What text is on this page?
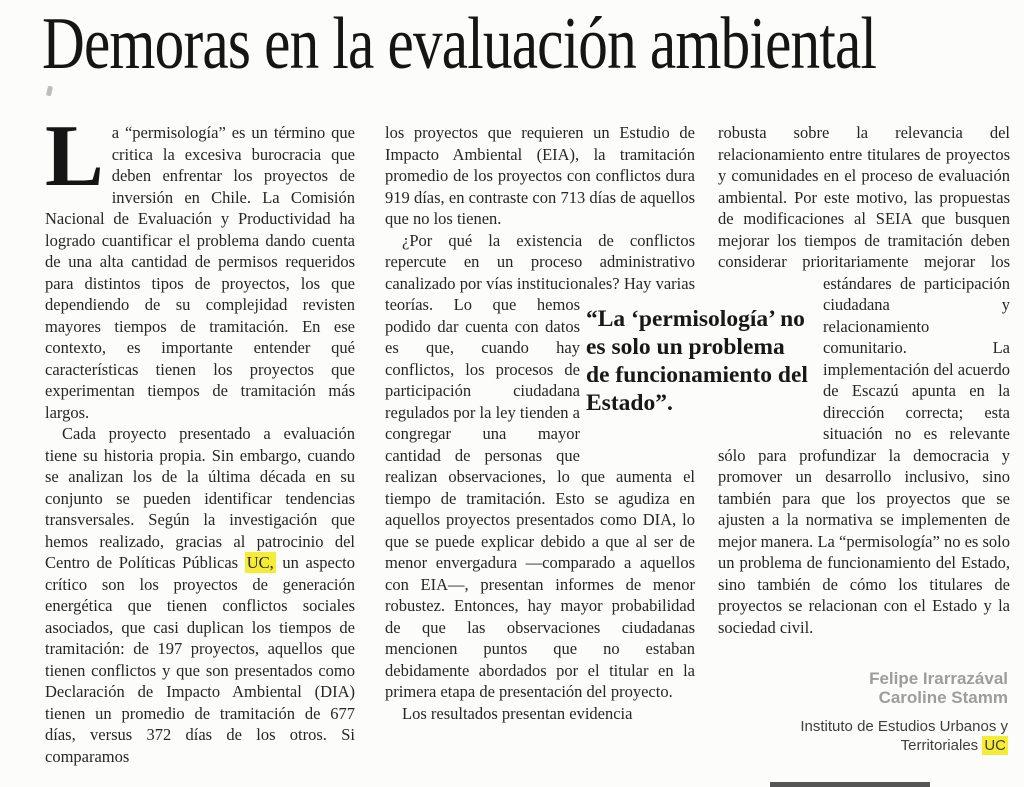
Demoras en la evaluación ambiental

La “permisología” es un término que critica la excesiva burocracia que deben enfrentar los proyectos de inversión en Chile. La Comisión Nacional de Evaluación y Productividad ha logrado cuantificar el problema dando cuenta de una alta cantidad de permisos requeridos para distintos tipos de proyectos, los que dependiendo de su complejidad revisten mayores tiempos de tramitación. En ese contexto, es importante entender qué características tienen los proyectos que experimentan tiempos de tramitación más largos.

Cada proyecto presentado a evaluación tiene su historia propia. Sin embargo, cuando se analizan los de la última década en su conjunto se pueden identificar tendencias transversales. Según la investigación que hemos realizado, gracias al patrocinio del Centro de Políticas Públicas UC, un aspecto crítico son los proyectos de generación energética que tienen conflictos sociales asociados, que casi duplican los tiempos de tramitación: de 197 proyectos, aquellos que tienen conflictos y que son presentados como Declaración de Impacto Ambiental (DIA) tienen un promedio de tramitación de 677 días, versus 372 días de los otros. Si comparamos

los proyectos que requieren un Estudio de Impacto Ambiental (EIA), la tramitación promedio de los proyectos con conflictos dura 919 días, en contraste con 713 días de aquellos que no los tienen.

¿Por qué la existencia de conflictos repercute en un proceso administrativo canalizado por vías institucionales? Hay
varias teorías. Lo que hemos podido dar cuenta con datos es que, cuando hay conflictos, los procesos de participación ciudadana regulados por la ley tienden a congregar una mayor cantidad de personas que realizan observaciones, lo que aumenta el tiempo de tramitación. Esto se agudiza en aquellos proyectos presentados como DIA, lo que se puede explicar debido a que al ser de menor envergadura —comparado a aquellos con EIA—, presentan informes de menor robustez. Entonces, hay mayor probabilidad de que las observaciones ciudadanas mencionen puntos que no estaban debidamente abordados por el titular en la primera etapa de presentación del proyecto.

Los resultados presentan evidencia

robusta sobre la relevancia del relacionamiento entre titulares de proyectos y comunidades en el proceso de evaluación ambiental. Por este motivo, las propuestas de modificaciones al SEIA que busquen mejorar los tiempos de tramitación deben considerar prioritariamente mejorar los estándares de par
ticipación ciudadana y relacionamiento comunitario. La implementación del acuerdo de Escazú apunta en la dirección correcta; esta situación no es relevante sólo para profundizar la democracia y promover un desarrollo inclusivo, sino también para que los proyectos que se ajusten a la normativa se implementen de mejor manera. La “permisología” no es solo un problema de funcionamiento del Estado, sino también de cómo los titulares de proyectos se relacionan con el Estado y la sociedad civil.

“La ‘permisología’ no es solo un problema de funcionamiento del Estado”.
Felipe Irarrazával
Caroline Stamm
Instituto de Estudios Urbanos y
Territoriales UC
